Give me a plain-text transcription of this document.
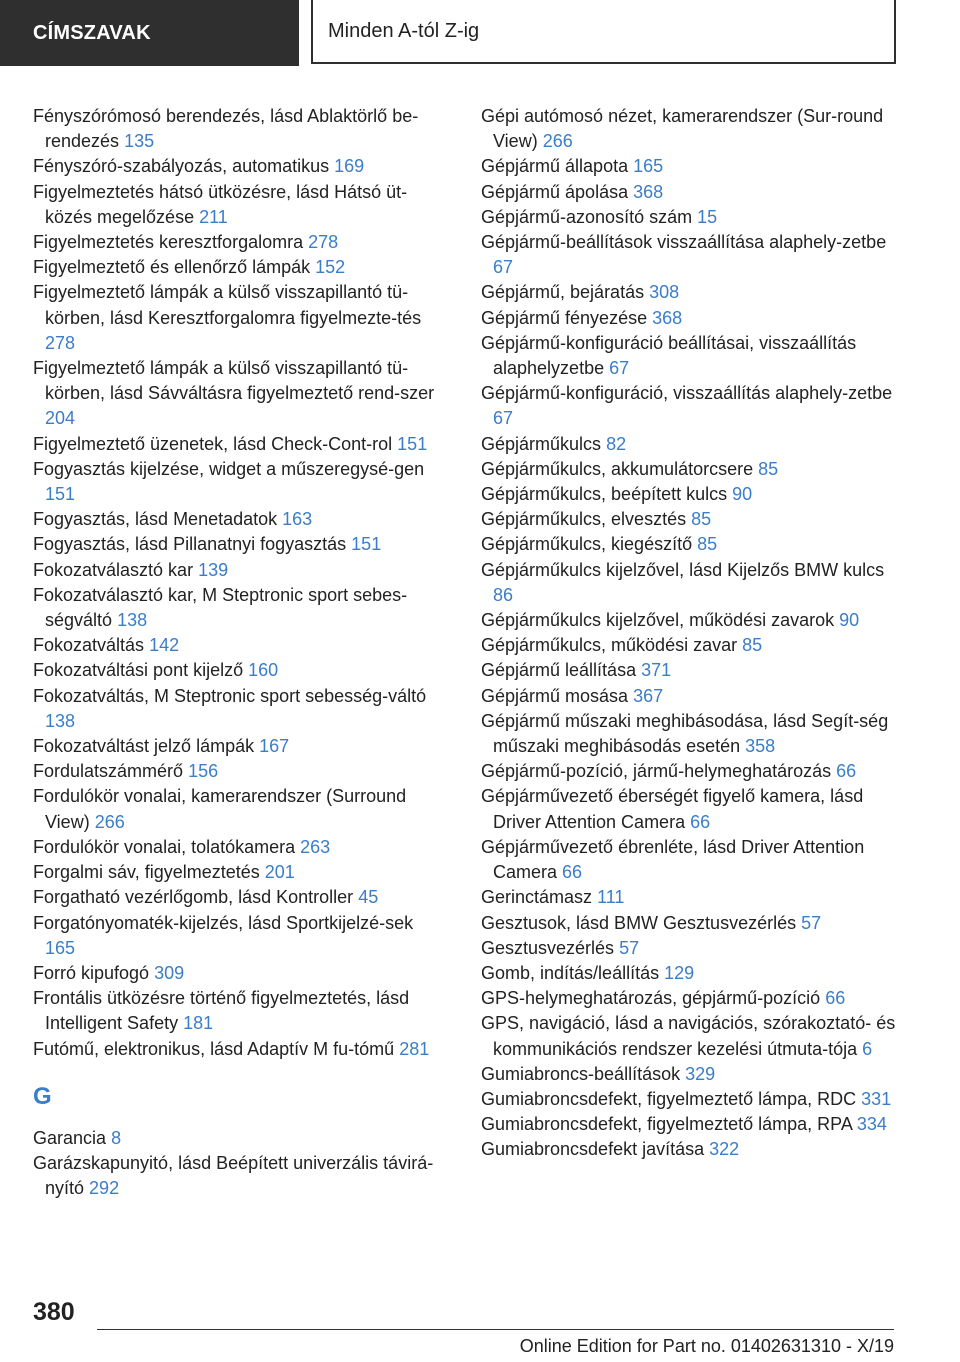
CÍMSZAVAK	Minden A-tól Z-ig
Fényszórómosó berendezés, lásd Ablaktörlő be-rendezés 135
Fényszóró-szabályozás, automatikus 169
Figyelmeztetés hátsó ütközésre, lásd Hátsó üt-közés megelőzése 211
Figyelmeztetés keresztforgalomra 278
Figyelmeztető és ellenőrző lámpák 152
Figyelmeztető lámpák a külső visszapillantó tü-körben, lásd Keresztforgalomra figyelmezte-tés 278
Figyelmeztető lámpák a külső visszapillantó tü-körben, lásd Sávváltásra figyelmeztető rend-szer 204
Figyelmeztető üzenetek, lásd Check-Cont-rol 151
Fogyasztás kijelzése, widget a műszeregysé-gen 151
Fogyasztás, lásd Menetadatok 163
Fogyasztás, lásd Pillanatnyi fogyasztás 151
Fokozatválasztó kar 139
Fokozatválasztó kar, M Steptronic sport sebes-ségváltó 138
Fokozatváltás 142
Fokozatváltási pont kijelző 160
Fokozatváltás, M Steptronic sport sebesség-váltó 138
Fokozatváltást jelző lámpák 167
Fordulatszámmérő 156
Fordulókör vonalai, kamerarendszer (Surround View) 266
Fordulókör vonalai, tolatókamera 263
Forgalmi sáv, figyelmeztetés 201
Forgatható vezérlőgomb, lásd Kontroller 45
Forgatónyomaték-kijelzés, lásd Sportkijelzé-sek 165
Forró kipufogó 309
Frontális ütközésre történő figyelmeztetés, lásd Intelligent Safety 181
Futómű, elektronikus, lásd Adaptív M fu-tómű 281
G
Garancia 8
Garázskapunyitó, lásd Beépített univerzális távirá-nyító 292
Gépi autómosó nézet, kamerarendszer (Sur-round View) 266
Gépjármű állapota 165
Gépjármű ápolása 368
Gépjármű-azonosító szám 15
Gépjármű-beállítások visszaállítása alaphely-zetbe 67
Gépjármű, bejáratás 308
Gépjármű fényezése 368
Gépjármű-konfiguráció beállításai, visszaállítás alaphelyzetbe 67
Gépjármű-konfiguráció, visszaállítás alaphely-zetbe 67
Gépjárműkulcs 82
Gépjárműkulcs, akkumulátorcsere 85
Gépjárműkulcs, beépített kulcs 90
Gépjárműkulcs, elvesztés 85
Gépjárműkulcs, kiegészítő 85
Gépjárműkulcs kijelzővel, lásd Kijelzős BMW kulcs 86
Gépjárműkulcs kijelzővel, működési zavarok 90
Gépjárműkulcs, működési zavar 85
Gépjármű leállítása 371
Gépjármű mosása 367
Gépjármű műszaki meghibásodása, lásd Segít-ség műszaki meghibásodás esetén 358
Gépjármű-pozíció, jármű-helymeghatározás 66
Gépjárművezető éberségét figyelő kamera, lásd Driver Attention Camera 66
Gépjárművezető ébrenléte, lásd Driver Attention Camera 66
Gerinctámasz 111
Gesztusok, lásd BMW Gesztusvezérlés 57
Gesztusvezérlés 57
Gomb, indítás/leállítás 129
GPS-helymeghatározás, gépjármű-pozíció 66
GPS, navigáció, lásd a navigációs, szórakoztató- és kommunikációs rendszer kezelési útmuta-tója 6
Gumiabroncs-beállítások 329
Gumiabroncsdefekt, figyelmeztető lámpa, RDC 331
Gumiabroncsdefekt, figyelmeztető lámpa, RPA 334
Gumiabroncsdefekt javítása 322
380
Online Edition for Part no. 01402631310 - X/19
